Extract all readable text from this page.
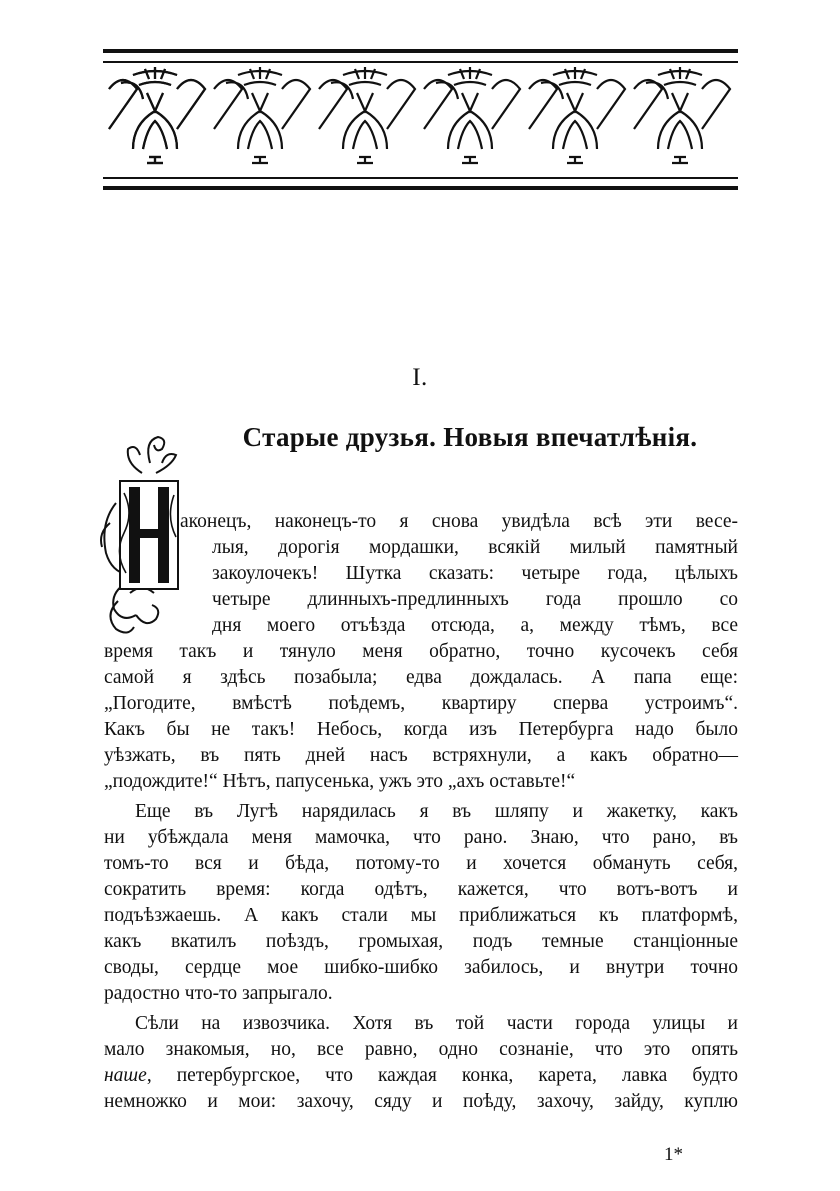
I.
Старые друзья. Новыя впечатлѣнія.
аконецъ, наконецъ-то я снова увидѣла всѣ эти весе-
лыя, дорогія мордашки, всякій милый памятный
закоулочекъ! Шутка сказать: четыре года, цѣлыхъ
четыре длинныхъ-предлинныхъ года прошло со
дня моего отъѣзда отсюда, а, между тѣмъ, все
время такъ и тянуло меня обратно, точно кусочекъ себя
самой я здѣсь позабыла; едва дождалась. А папа еще:
„Погодите, вмѣстѣ поѣдемъ, квартиру сперва устроимъ“.
Какъ бы не такъ! Небось, когда изъ Петербурга надо было
уѣзжать, въ пять дней насъ встряхнули, а какъ обратно—
„подождите!“ Нѣтъ, папусенька, ужъ это „ахъ оставьте!“
Еще въ Лугѣ нарядилась я въ шляпу и жакетку, какъ
ни убѣждала меня мамочка, что рано. Знаю, что рано, въ
томъ-то вся и бѣда, потому-то и хочется обмануть себя,
сократить время: когда одѣтъ, кажется, что вотъ-вотъ и
подъѣзжаешь. А какъ стали мы приближаться къ платформѣ,
какъ вкатилъ поѣздъ, громыхая, подъ темные станціонные
своды, сердце мое шибко-шибко забилось, и внутри точно
радостно что-то запрыгало.
Сѣли на извозчика. Хотя въ той части города улицы и
мало знакомыя, но, все равно, одно сознаніе, что это опять
наше, петербургское, что каждая конка, карета, лавка будто
немножко и мои: захочу, сяду и поѣду, захочу, зайду, куплю
1*
